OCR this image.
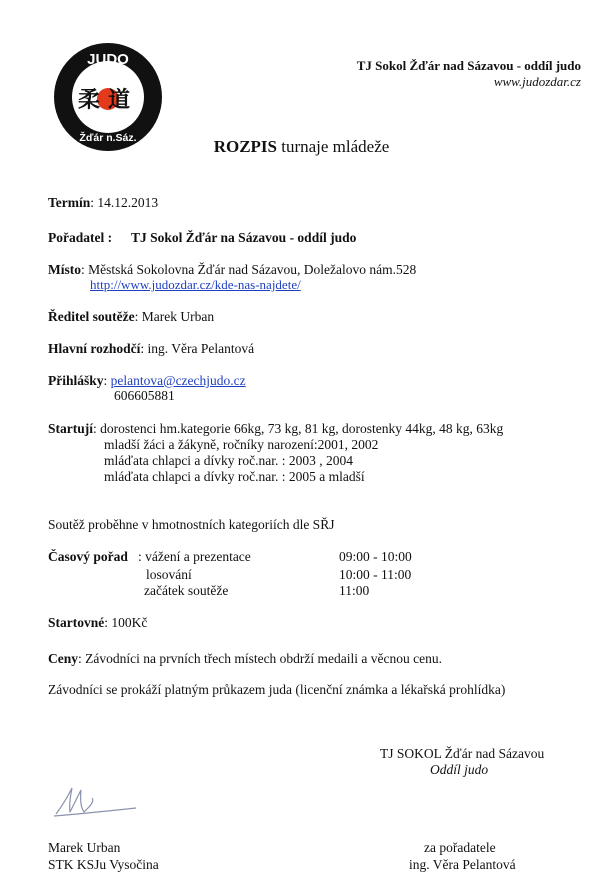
JUDO
Žďár n.Sáz.
柔道
TJ Sokol Žďár nad Sázavou - oddíl judo
www.judozdar.cz
ROZPIS turnaje mládeže
Termín: 14.12.2013
Pořadatel : TJ Sokol Žďár na Sázavou - oddíl judo
Místo: Městská Sokolovna Žďár nad Sázavou, Doležalovo nám.528
http://www.judozdar.cz/kde-nas-najdete/
Ředitel soutěže: Marek Urban
Hlavní rozhodčí: ing. Věra Pelantová
Přihlášky: pelantova@czechjudo.cz
606605881
Startují: dorostenci hm.kategorie 66kg, 73 kg, 81 kg, dorostenky 44kg, 48 kg, 63kg
mladší žáci a žákyně, ročníky narození:2001, 2002
mláďata chlapci a dívky roč.nar. : 2003 , 2004
mláďata chlapci a dívky roč.nar. : 2005 a mladší
Soutěž proběhne v hmotnostních kategoriích dle SŘJ
Časový pořad : vážení a prezentace	09:00 - 10:00
losování	10:00 - 11:00
začátek soutěže	11:00
Startovné: 100Kč
Ceny: Závodníci na prvních třech místech obdrží medaili a věcnou cenu.
Závodníci se prokáží platným průkazem juda (licenční známka a lékařská prohlídka)
TJ SOKOL Žďár nad Sázavou
Oddíl judo
Marek Urban
STK KSJu Vysočina
za pořadatele
ing. Věra Pelantová
